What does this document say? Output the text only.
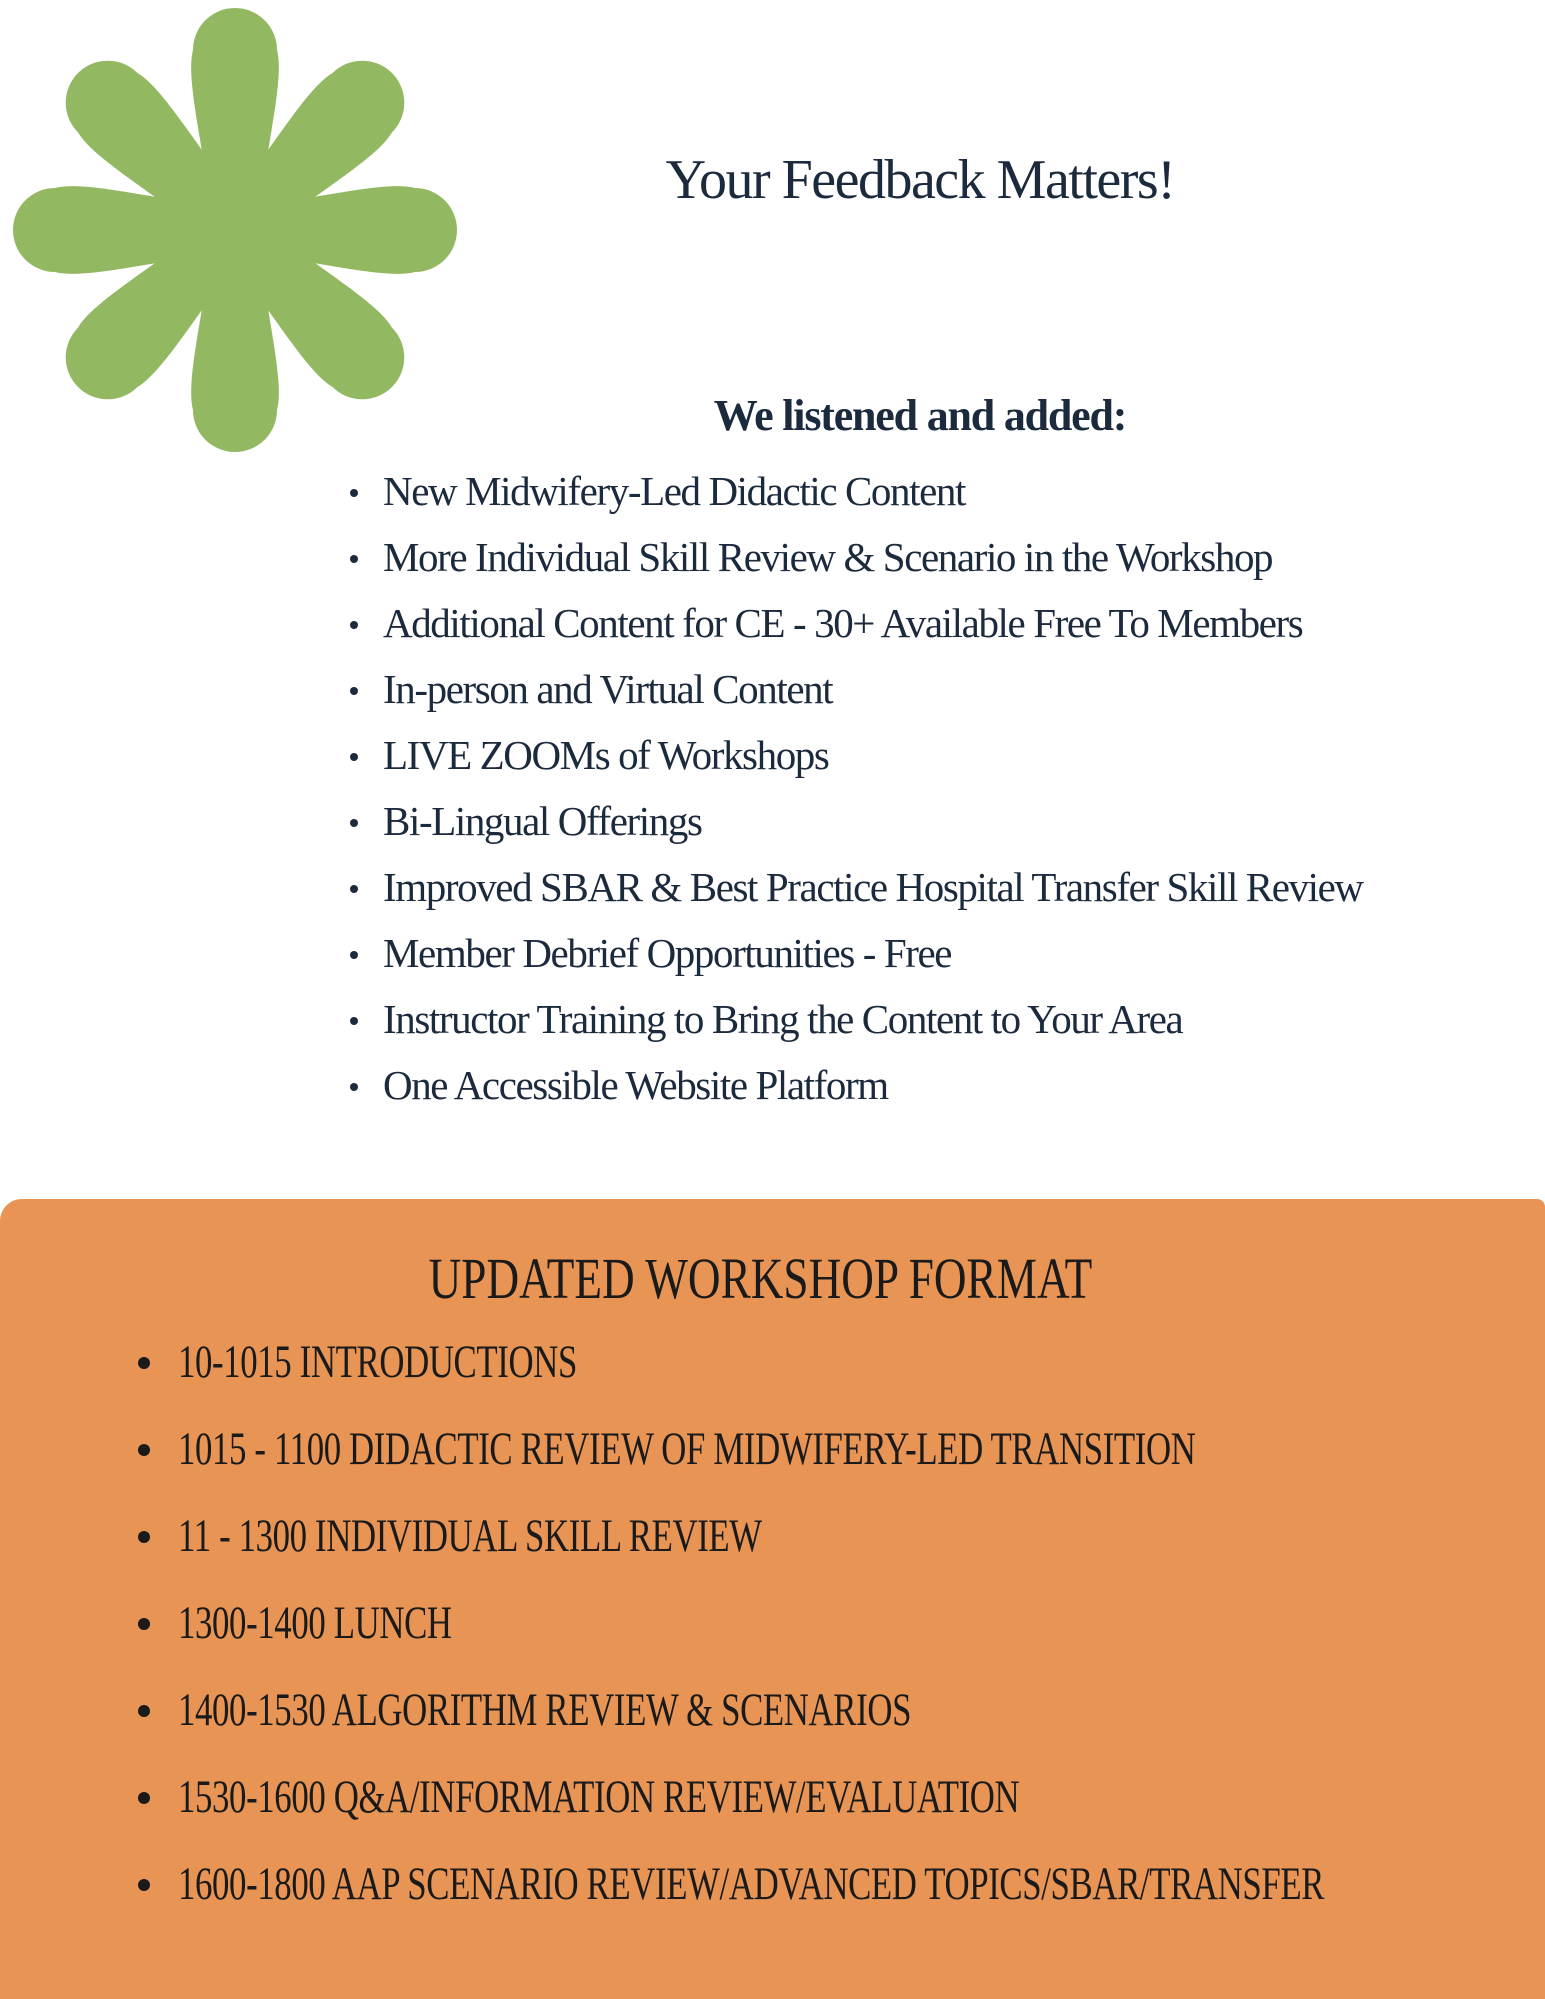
Your Feedback Matters!
We listened and added:
New Midwifery-Led Didactic Content
More Individual Skill Review & Scenario in the Workshop
Additional Content for CE - 30+ Available Free To Members
In-person and Virtual Content
LIVE ZOOMs of Workshops
Bi-Lingual Offerings
Improved SBAR & Best Practice Hospital Transfer Skill Review
Member Debrief Opportunities - Free
Instructor Training to Bring the Content to Your Area
One Accessible Website Platform
UPDATED WORKSHOP FORMAT
10-1015 INTRODUCTIONS
1015 - 1100 DIDACTIC REVIEW OF MIDWIFERY-LED TRANSITION
11 - 1300 INDIVIDUAL SKILL REVIEW
1300-1400 LUNCH
1400-1530 ALGORITHM REVIEW & SCENARIOS
1530-1600 Q&A/INFORMATION REVIEW/EVALUATION
1600-1800 AAP SCENARIO REVIEW/ADVANCED TOPICS/SBAR/TRANSFER
